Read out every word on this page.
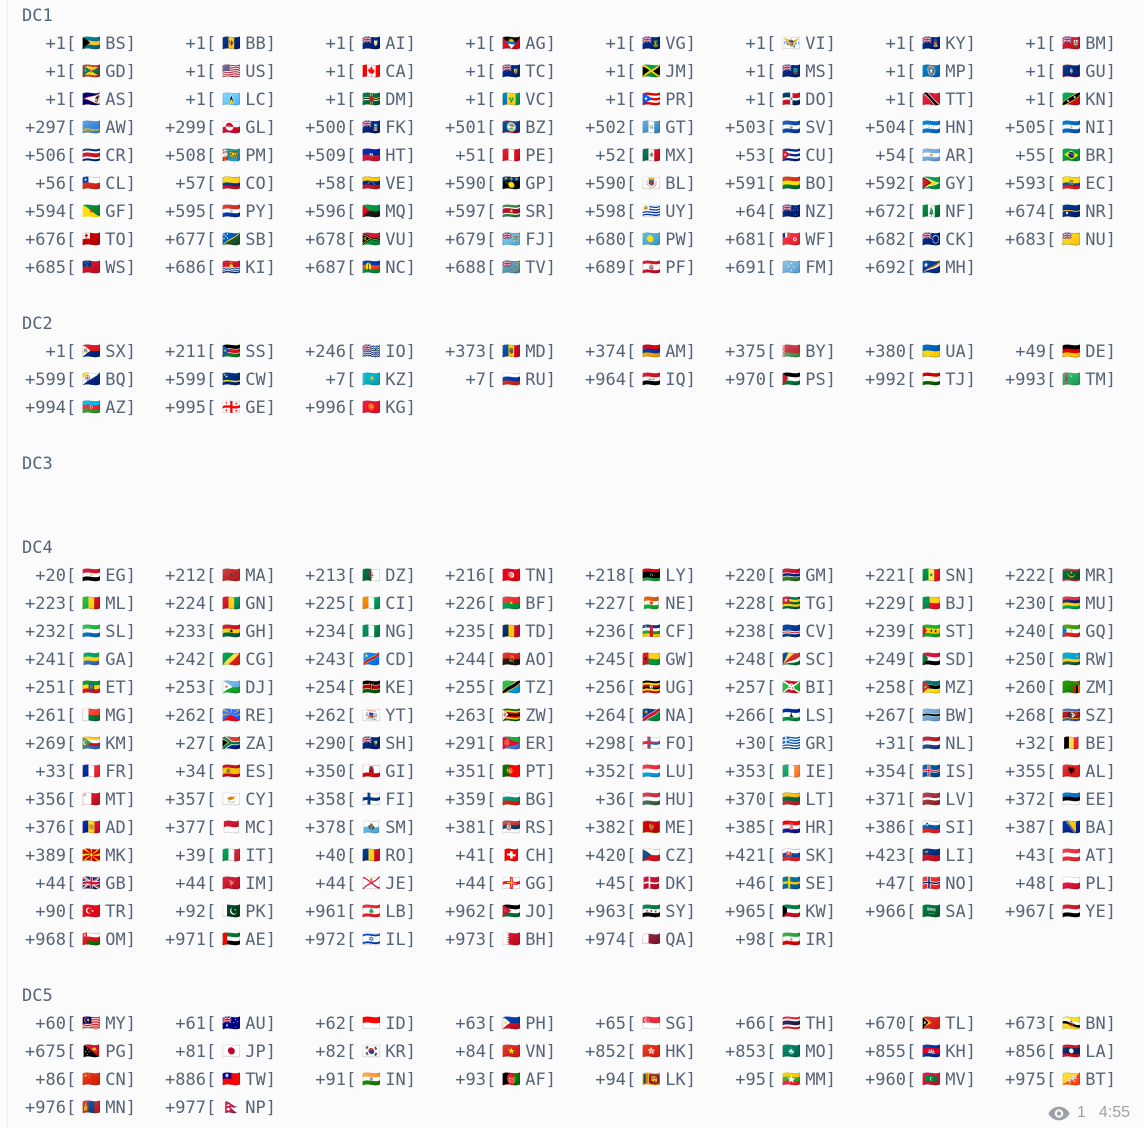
DC1
+1[ 🇧🇸 BS]	+1[ 🇧🇧 BB]	+1[ 🇦🇮 AI]	+1[ 🇦🇬 AG]	+1[ 🇻🇬 VG]	+1[ 🇻🇮 VI]	+1[ 🇰🇾 KY]	+1[ 🇧🇲 BM]
+1[ 🇬🇩 GD]	+1[ 🇺🇸 US]	+1[ 🇨🇦 CA]	+1[ 🇹🇨 TC]	+1[ 🇯🇲 JM]	+1[ 🇲🇸 MS]	+1[ 🇲🇵 MP]	+1[ 🇬🇺 GU]
+1[ 🇦🇸 AS]	+1[ 🇱🇨 LC]	+1[ 🇩🇲 DM]	+1[ 🇻🇨 VC]	+1[ 🇵🇷 PR]	+1[ 🇩🇴 DO]	+1[ 🇹🇹 TT]	+1[ 🇰🇳 KN]
+297[ 🇦🇼 AW]	+299[ 🇬🇱 GL]	+500[ 🇫🇰 FK]	+501[ 🇧🇿 BZ]	+502[ 🇬🇹 GT]	+503[ 🇸🇻 SV]	+504[ 🇭🇳 HN]	+505[ 🇳🇮 NI]
+506[ 🇨🇷 CR]	+508[ 🇵🇲 PM]	+509[ 🇭🇹 HT]	+51[ 🇵🇪 PE]	+52[ 🇲🇽 MX]	+53[ 🇨🇺 CU]	+54[ 🇦🇷 AR]	+55[ 🇧🇷 BR]
+56[ 🇨🇱 CL]	+57[ 🇨🇴 CO]	+58[ 🇻🇪 VE]	+590[ 🇬🇵 GP]	+590[ 🇧🇱 BL]	+591[ 🇧🇴 BO]	+592[ 🇬🇾 GY]	+593[ 🇪🇨 EC]
+594[ 🇬🇫 GF]	+595[ 🇵🇾 PY]	+596[ 🇲🇶 MQ]	+597[ 🇸🇷 SR]	+598[ 🇺🇾 UY]	+64[ 🇳🇿 NZ]	+672[ 🇳🇫 NF]	+674[ 🇳🇷 NR]
+676[ 🇹🇴 TO]	+677[ 🇸🇧 SB]	+678[ 🇻🇺 VU]	+679[ 🇫🇯 FJ]	+680[ 🇵🇼 PW]	+681[ 🇼🇫 WF]	+682[ 🇨🇰 CK]	+683[ 🇳🇺 NU]
+685[ 🇼🇸 WS]	+686[ 🇰🇮 KI]	+687[ 🇳🇨 NC]	+688[ 🇹🇻 TV]	+689[ 🇵🇫 PF]	+691[ 🇫🇲 FM]	+692[ 🇲🇭 MH]
DC2
+1[ 🇸🇽 SX]	+211[ 🇸🇸 SS]	+246[ 🇮🇴 IO]	+373[ 🇲🇩 MD]	+374[ 🇦🇲 AM]	+375[ 🇧🇾 BY]	+380[ 🇺🇦 UA]	+49[ 🇩🇪 DE]
+599[ 🇧🇶 BQ]	+599[ 🇨🇼 CW]	+7[ 🇰🇿 KZ]	+7[ 🇷🇺 RU]	+964[ 🇮🇶 IQ]	+970[ 🇵🇸 PS]	+992[ 🇹🇯 TJ]	+993[ 🇹🇲 TM]
+994[ 🇦🇿 AZ]	+995[ 🇬🇪 GE]	+996[ 🇰🇬 KG]
DC3
DC4
+20[ 🇪🇬 EG]	+212[ 🇲🇦 MA]	+213[ 🇩🇿 DZ]	+216[ 🇹🇳 TN]	+218[ 🇱🇾 LY]	+220[ 🇬🇲 GM]	+221[ 🇸🇳 SN]	+222[ 🇲🇷 MR]
+223[ 🇲🇱 ML]	+224[ 🇬🇳 GN]	+225[ 🇨🇮 CI]	+226[ 🇧🇫 BF]	+227[ 🇳🇪 NE]	+228[ 🇹🇬 TG]	+229[ 🇧🇯 BJ]	+230[ 🇲🇺 MU]
+232[ 🇸🇱 SL]	+233[ 🇬🇭 GH]	+234[ 🇳🇬 NG]	+235[ 🇹🇩 TD]	+236[ 🇨🇫 CF]	+238[ 🇨🇻 CV]	+239[ 🇸🇹 ST]	+240[ 🇬🇶 GQ]
+241[ 🇬🇦 GA]	+242[ 🇨🇬 CG]	+243[ 🇨🇩 CD]	+244[ 🇦🇴 AO]	+245[ 🇬🇼 GW]	+248[ 🇸🇨 SC]	+249[ 🇸🇩 SD]	+250[ 🇷🇼 RW]
+251[ 🇪🇹 ET]	+253[ 🇩🇯 DJ]	+254[ 🇰🇪 KE]	+255[ 🇹🇿 TZ]	+256[ 🇺🇬 UG]	+257[ 🇧🇮 BI]	+258[ 🇲🇿 MZ]	+260[ 🇿🇲 ZM]
+261[ 🇲🇬 MG]	+262[ 🇷🇪 RE]	+262[ 🇾🇹 YT]	+263[ 🇿🇼 ZW]	+264[ 🇳🇦 NA]	+266[ 🇱🇸 LS]	+267[ 🇧🇼 BW]	+268[ 🇸🇿 SZ]
+269[ 🇰🇲 KM]	+27[ 🇿🇦 ZA]	+290[ 🇸🇭 SH]	+291[ 🇪🇷 ER]	+298[ 🇫🇴 FO]	+30[ 🇬🇷 GR]	+31[ 🇳🇱 NL]	+32[ 🇧🇪 BE]
+33[ 🇫🇷 FR]	+34[ 🇪🇸 ES]	+350[ 🇬🇮 GI]	+351[ 🇵🇹 PT]	+352[ 🇱🇺 LU]	+353[ 🇮🇪 IE]	+354[ 🇮🇸 IS]	+355[ 🇦🇱 AL]
+356[ 🇲🇹 MT]	+357[ 🇨🇾 CY]	+358[ 🇫🇮 FI]	+359[ 🇧🇬 BG]	+36[ 🇭🇺 HU]	+370[ 🇱🇹 LT]	+371[ 🇱🇻 LV]	+372[ 🇪🇪 EE]
+376[ 🇦🇩 AD]	+377[ 🇲🇨 MC]	+378[ 🇸🇲 SM]	+381[ 🇷🇸 RS]	+382[ 🇲🇪 ME]	+385[ 🇭🇷 HR]	+386[ 🇸🇮 SI]	+387[ 🇧🇦 BA]
+389[ 🇲🇰 MK]	+39[ 🇮🇹 IT]	+40[ 🇷🇴 RO]	+41[ 🇨🇭 CH]	+420[ 🇨🇿 CZ]	+421[ 🇸🇰 SK]	+423[ 🇱🇮 LI]	+43[ 🇦🇹 AT]
+44[ 🇬🇧 GB]	+44[ 🇮🇲 IM]	+44[ 🇯🇪 JE]	+44[ 🇬🇬 GG]	+45[ 🇩🇰 DK]	+46[ 🇸🇪 SE]	+47[ 🇳🇴 NO]	+48[ 🇵🇱 PL]
+90[ 🇹🇷 TR]	+92[ 🇵🇰 PK]	+961[ 🇱🇧 LB]	+962[ 🇯🇴 JO]	+963[ 🇸🇾 SY]	+965[ 🇰🇼 KW]	+966[ 🇸🇦 SA]	+967[ 🇾🇪 YE]
+968[ 🇴🇲 OM]	+971[ 🇦🇪 AE]	+972[ 🇮🇱 IL]	+973[ 🇧🇭 BH]	+974[ 🇶🇦 QA]	+98[ 🇮🇷 IR]
DC5
+60[ 🇲🇾 MY]	+61[ 🇦🇺 AU]	+62[ 🇮🇩 ID]	+63[ 🇵🇭 PH]	+65[ 🇸🇬 SG]	+66[ 🇹🇭 TH]	+670[ 🇹🇱 TL]	+673[ 🇧🇳 BN]
+675[ 🇵🇬 PG]	+81[ 🇯🇵 JP]	+82[ 🇰🇷 KR]	+84[ 🇻🇳 VN]	+852[ 🇭🇰 HK]	+853[ 🇲🇴 MO]	+855[ 🇰🇭 KH]	+856[ 🇱🇦 LA]
+86[ 🇨🇳 CN]	+886[ 🇹🇼 TW]	+91[ 🇮🇳 IN]	+93[ 🇦🇫 AF]	+94[ 🇱🇰 LK]	+95[ 🇲🇲 MM]	+960[ 🇲🇻 MV]	+975[ 🇧🇹 BT]
+976[ 🇲🇳 MN]	+977[ 🇳🇵 NP]	1 4:55
